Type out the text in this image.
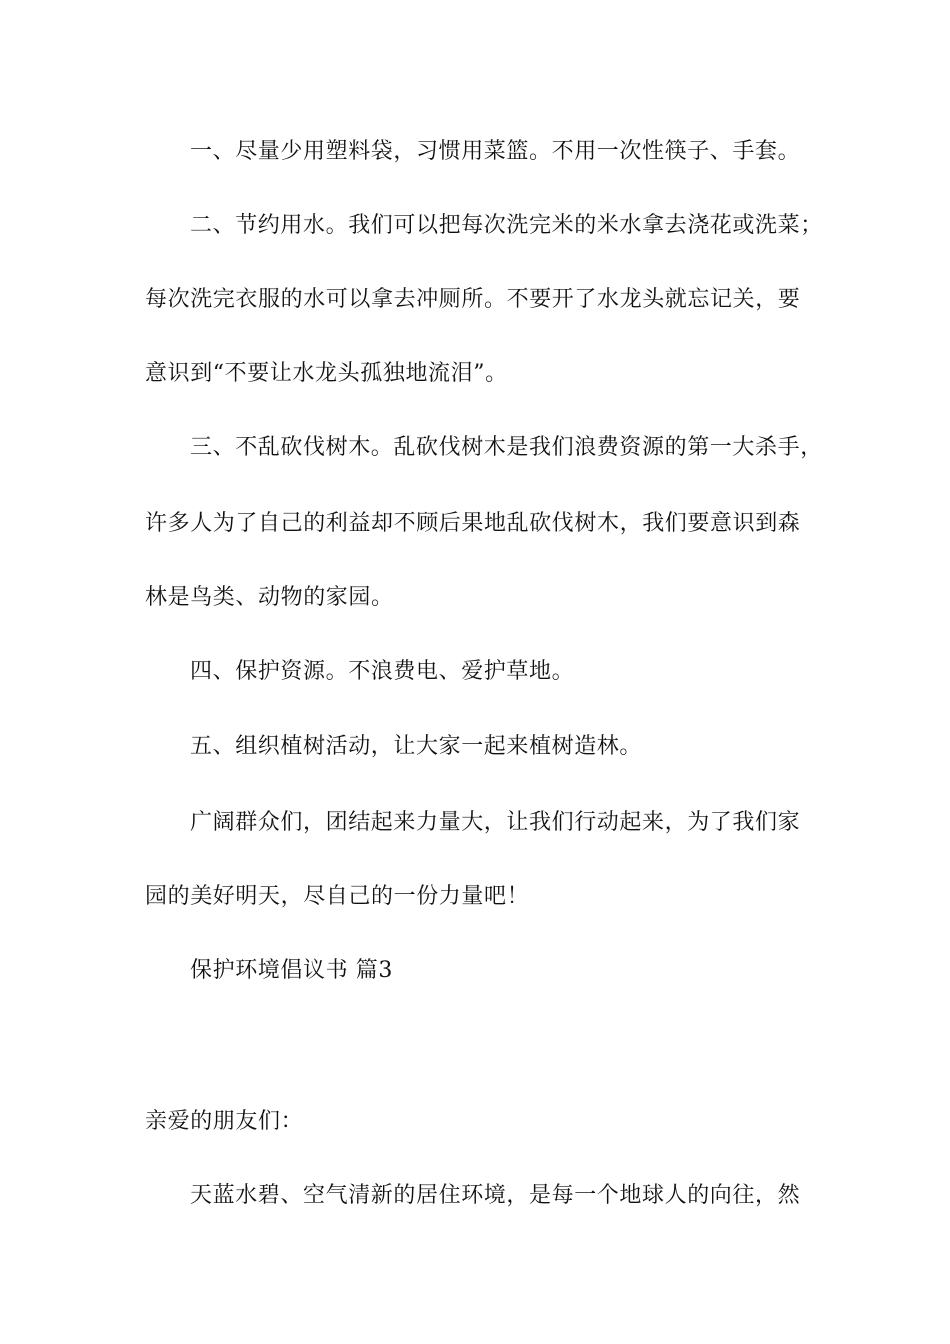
一、尽量少用塑料袋，习惯用菜篮。不用一次性筷子、手套。
二、节约用水。我们可以把每次洗完米的米水拿去浇花或洗菜；
每次洗完衣服的水可以拿去冲厕所。不要开了水龙头就忘记关，要
意识到“不要让水龙头孤独地流泪”。
三、不乱砍伐树木。乱砍伐树木是我们浪费资源的第一大杀手，
许多人为了自己的利益却不顾后果地乱砍伐树木，我们要意识到森
林是鸟类、动物的家园。
四、保护资源。不浪费电、爱护草地。
五、组织植树活动，让大家一起来植树造林。
广阔群众们，团结起来力量大，让我们行动起来，为了我们家
园的美好明天，尽自己的一份力量吧！
保护环境倡议书 篇3
亲爱的朋友们：
天蓝水碧、空气清新的居住环境，是每一个地球人的向往，然
